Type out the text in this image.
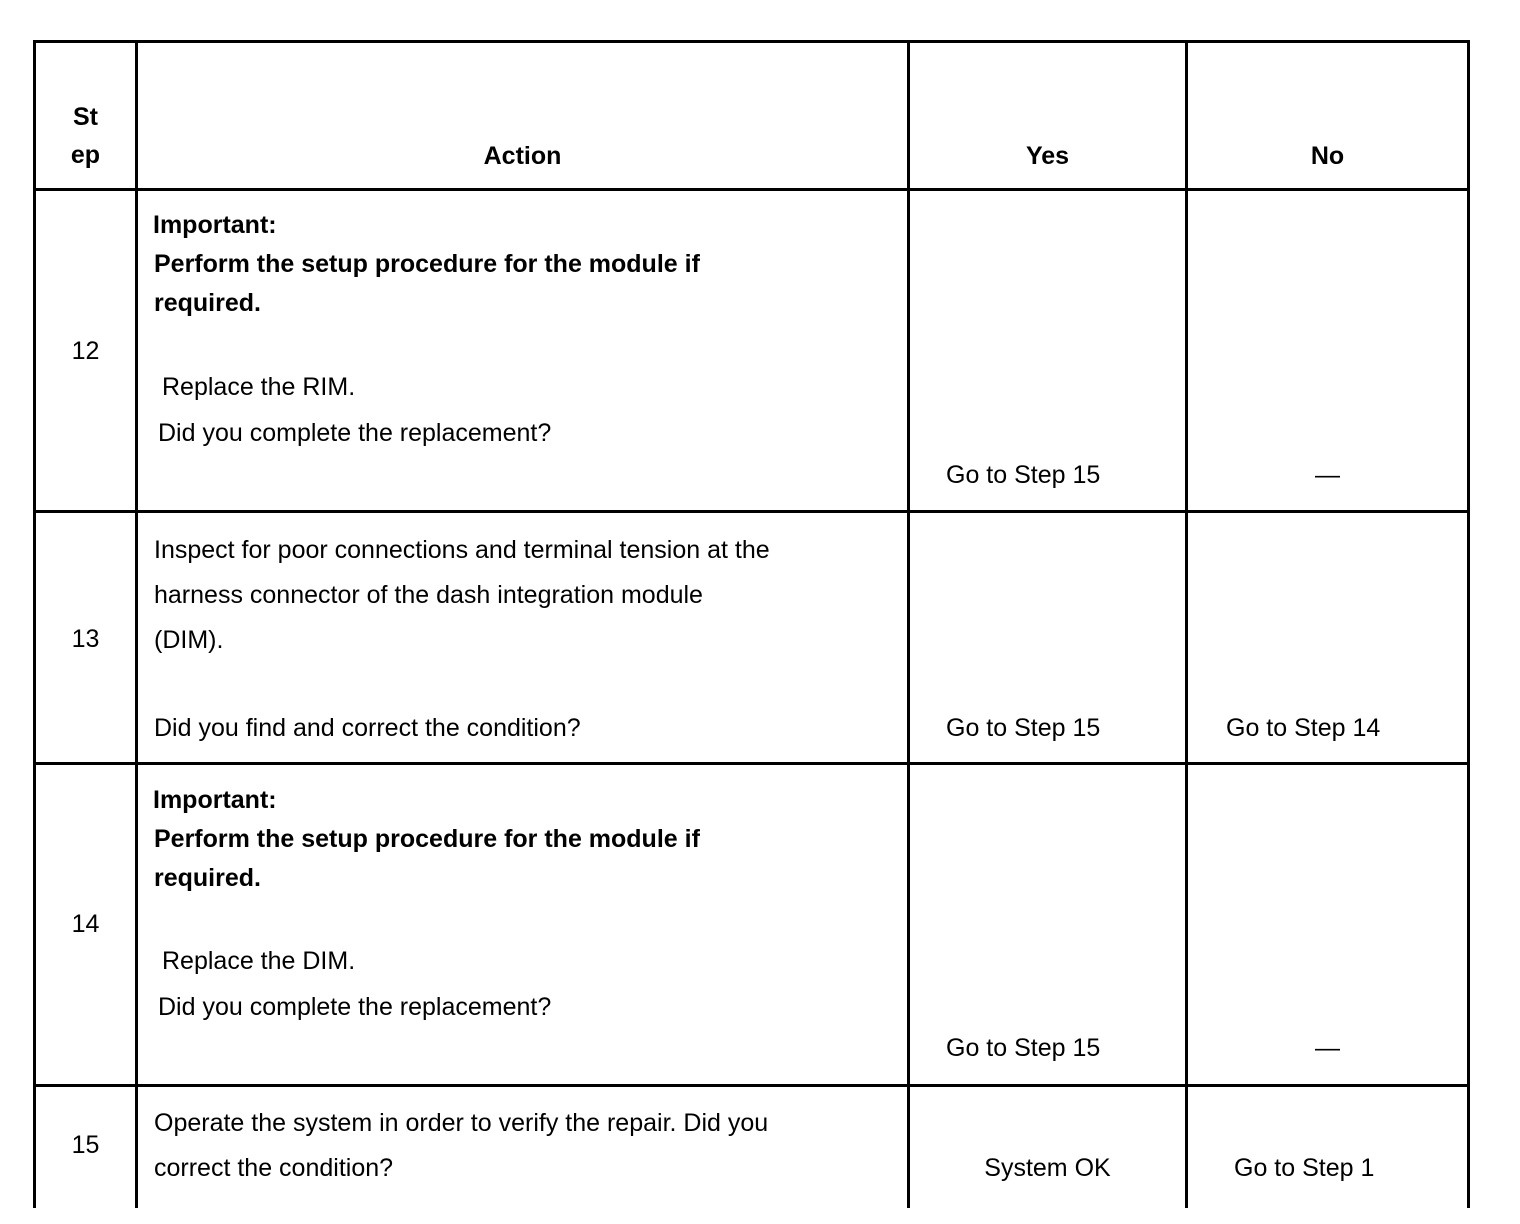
St
ep	Action	Yes	No

12	Important:
Perform the setup procedure for the module if
required.
Replace the RIM.
Did you complete the replacement?	Go to Step 15	—

13	Inspect for poor connections and terminal tension at the
harness connector of the dash integration module
(DIM).
Did you find and correct the condition?	Go to Step 15	Go to Step 14

14	Important:
Perform the setup procedure for the module if
required.
Replace the DIM.
Did you complete the replacement?	Go to Step 15	—

15	Operate the system in order to verify the repair. Did you
correct the condition?	System OK	Go to Step 1
